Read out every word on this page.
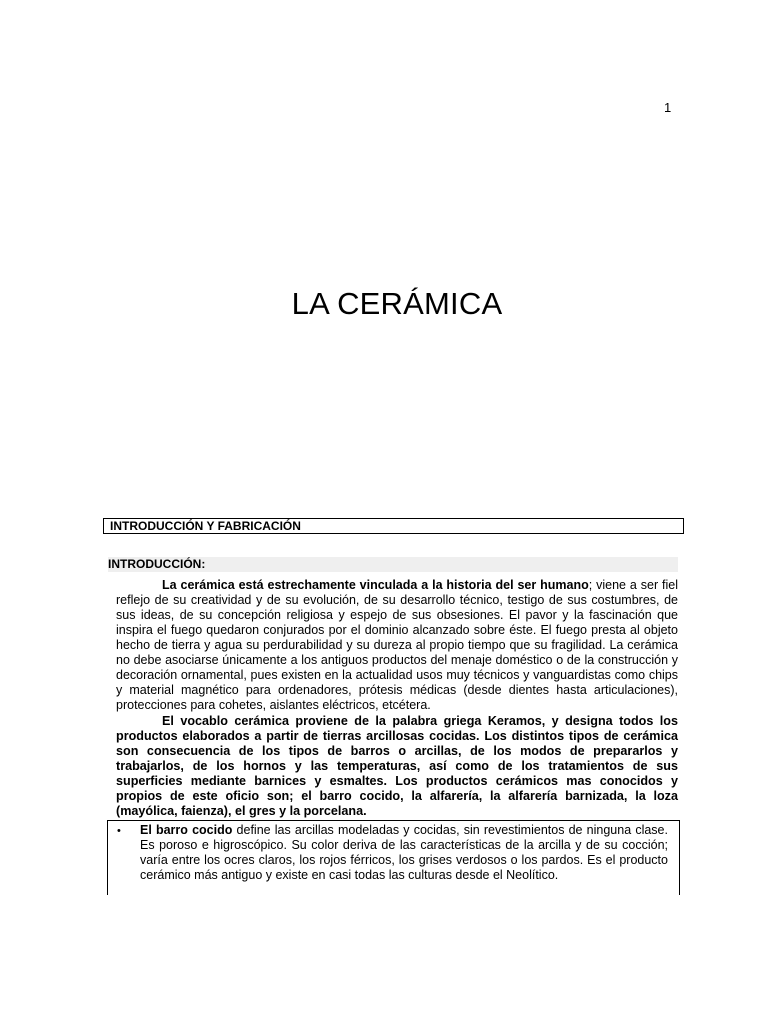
1
LA CERÁMICA
INTRODUCCIÓN Y FABRICACIÓN
INTRODUCCIÓN:

La cerámica está estrechamente vinculada a la historia del ser humano; viene a ser fiel reflejo de su creatividad y de su evolución, de su desarrollo técnico, testigo de sus costumbres, de sus ideas, de su concepción religiosa y espejo de sus obsesiones. El pavor y la fascinación que inspira el fuego quedaron conjurados por el dominio alcanzado sobre éste. El fuego presta al objeto hecho de tierra y agua su perdurabilidad y su dureza al propio tiempo que su fragilidad. La cerámica no debe asociarse únicamente a los antiguos productos del menaje doméstico o de la construcción y decoración ornamental, pues existen en la actualidad usos muy técnicos y vanguardistas como chips y material magnético para ordenadores, prótesis médicas (desde dientes hasta articulaciones), protecciones para cohetes, aislantes eléctricos, etcétera.

El vocablo cerámica proviene de la palabra griega Keramos, y designa todos los productos elaborados a partir de tierras arcillosas cocidas. Los distintos tipos de cerámica son consecuencia de los tipos de barros o arcillas, de los modos de prepararlos y trabajarlos, de los hornos y las temperaturas, así como de los tratamientos de sus superficies mediante barnices y esmaltes. Los productos cerámicos mas conocidos y propios de este oficio son; el barro cocido, la alfarería, la alfarería barnizada, la loza (mayólica, faienza), el gres y la porcelana.

• El barro cocido define las arcillas modeladas y cocidas, sin revestimientos de ninguna clase. Es poroso e higroscópico. Su color deriva de las características de la arcilla y de su cocción; varía entre los ocres claros, los rojos férricos, los grises verdosos o los pardos. Es el producto cerámico más antiguo y existe en casi todas las culturas desde el Neolítico.
